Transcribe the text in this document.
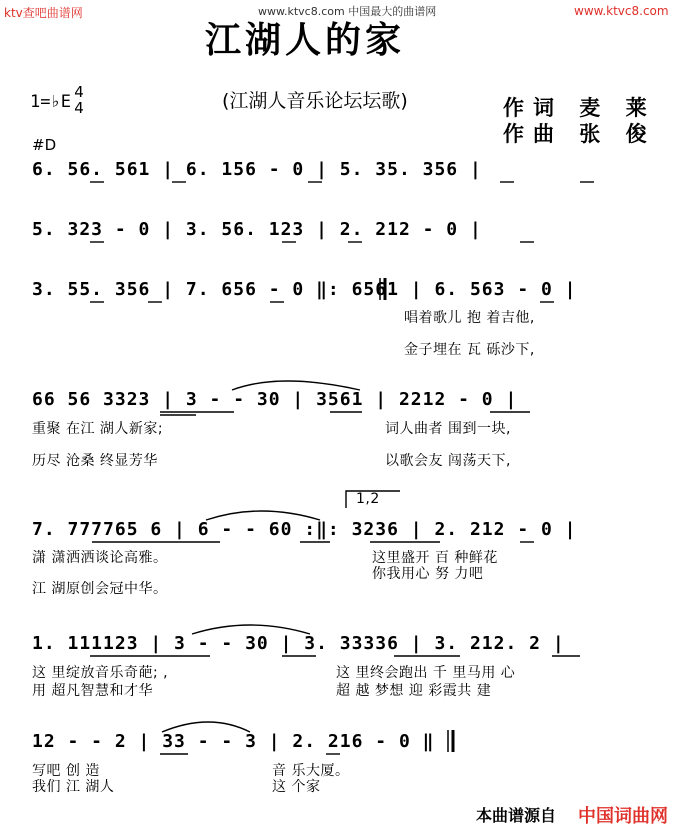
ktv查吧曲谱网	www.ktvc8.com 中国最大的曲谱网	www.ktvc8.com
江湖人的家
(江湖人音乐论坛坛歌)	作词 麦 莱
作曲 张 俊
1=♭E 4
4
#D
6. 56. 561 | 6. 156 - 0 | 5. 35. 356 |
5. 323 - 0 | 3. 56. 123 | 2. 212 - 0 |
3. 55. 356 | 7. 656 - 0 ‖: 6561 | 6. 563 - 0 |
唱着歌儿 抱 着吉他,
金子埋在 瓦 砾沙下,
66 56 3323 | 3 - - 30 | 3561 | 2212 - 0 |
重聚 在江 湖人新家;	词人曲者 围到一块,
历尽 沧桑 终显芳华	以歌会友 闯荡天下,
1,2
7. 777765 6 | 6 - - 60 :‖: 3236 | 2. 212 - 0 |
潇 潇洒洒谈论高雅。	这里盛开 百 种鲜花
江 湖原创会冠中华。
你我用心 努 力吧
1. 111123 | 3 - - 30 | 3. 33336 | 3. 212. 2 |
这 里绽放音乐奇葩; ,	这 里终会跑出 千 里马用 心
用 超凡智慧和才华	超 越 梦想 迎 彩霞共 建
12 - - 2 | 33 - - 3 | 2. 216 - 0 ‖
写吧 创 造	音 乐大厦。
我们 江 湖人	这 个家
本曲谱源自 中国词曲网
